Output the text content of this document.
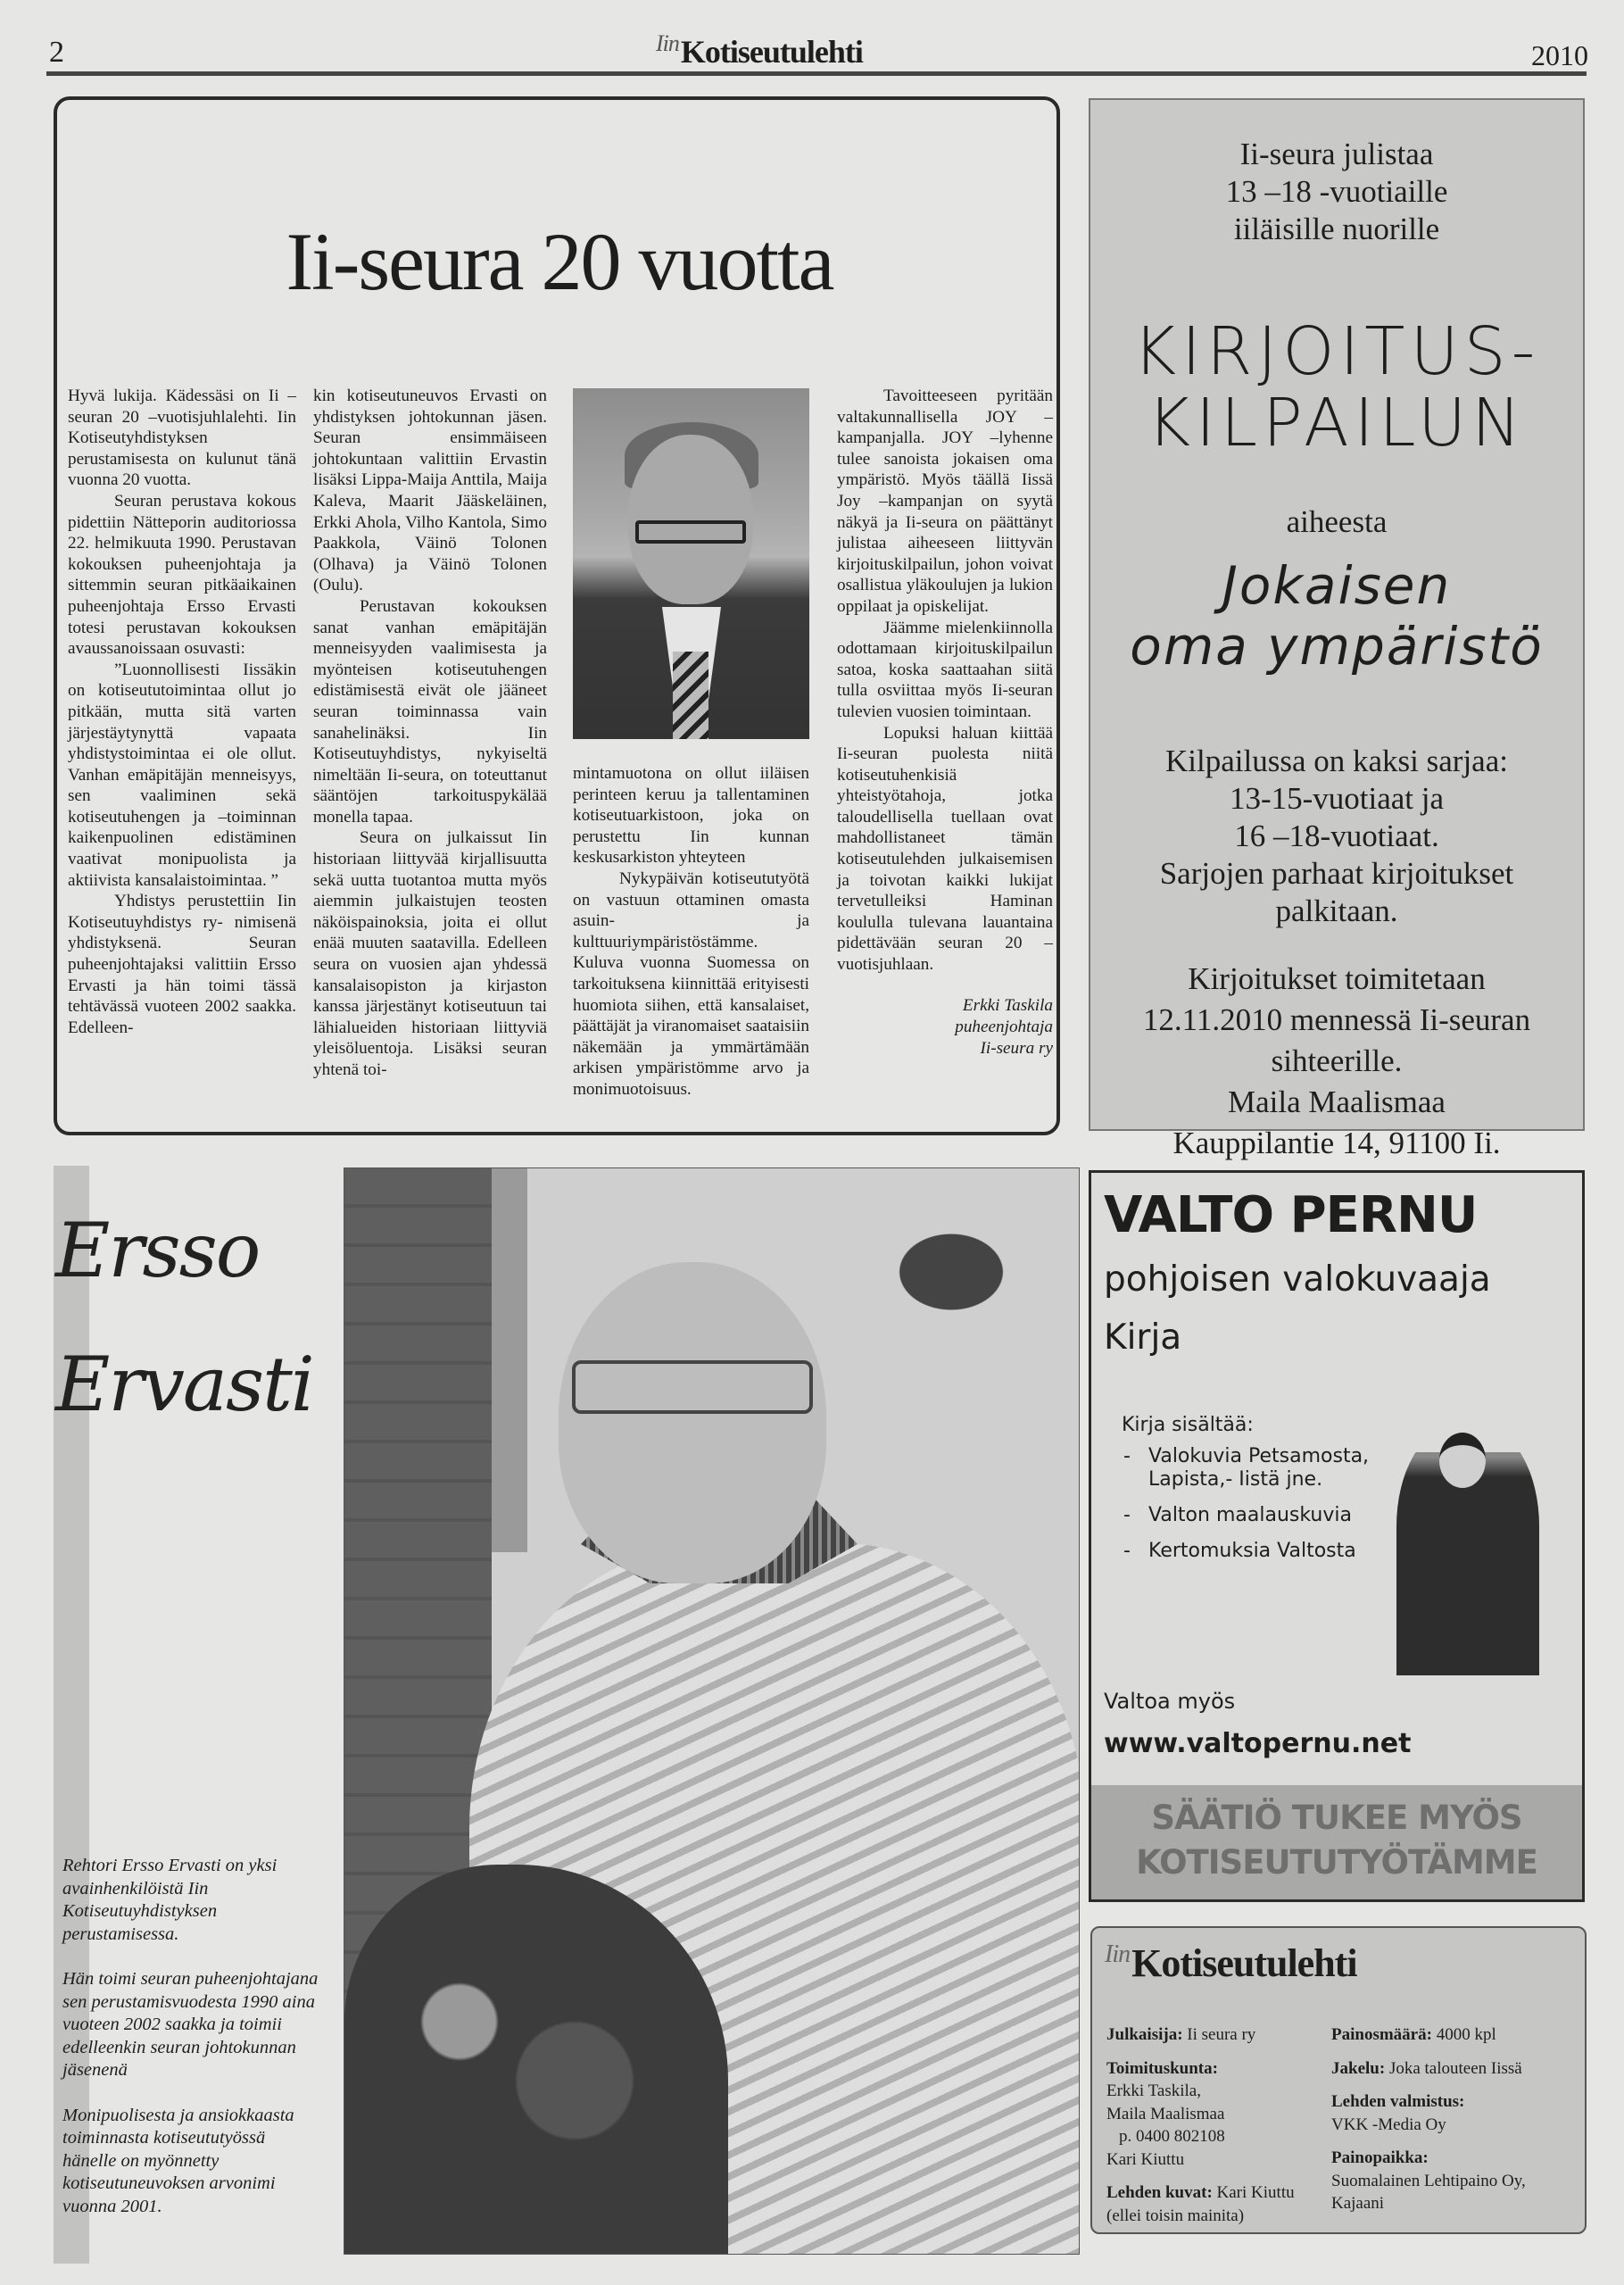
2	$^{Iin}$Kotiseutulehti	2010
Ii-seura 20 vuotta

Hyvä lukija. Kädessäsi on Ii –seuran 20 –vuotisjuhlalehti. Iin Kotiseutyhdistyksen perustamisesta on kulunut tänä vuonna 20 vuotta.

Seuran perustava kokous pidettiin Nätteporin auditoriossa 22. helmikuuta 1990. Perustavan kokouksen puheenjohtaja ja sittemmin seuran pitkäaikainen puheenjohtaja Ersso Ervasti totesi perustavan kokouksen avaussanoissaan osuvasti:

”Luonnollisesti Iissäkin on kotiseututoimintaa ollut jo pitkään, mutta sitä varten järjestäytynyttä vapaata yhdistystoimintaa ei ole ollut. Vanhan emäpitäjän menneisyys, sen vaaliminen sekä kotiseutuhengen ja –toiminnan kaikenpuolinen edistäminen vaativat monipuolista ja aktiivista kansalaistoimintaa. ”

Yhdistys perustettiin Iin Kotiseutuyhdistys ry- nimisenä yhdistyksenä. Seuran puheenjohtajaksi valittiin Ersso Ervasti ja hän toimi tässä tehtävässä vuoteen 2002 saakka. Edelleen-

kin kotiseutuneuvos Ervasti on yhdistyksen johtokunnan jäsen. Seuran ensimmäiseen johtokuntaan valittiin Ervastin lisäksi Lippa-Maija Anttila, Maija Kaleva, Maarit Jääskeläinen, Erkki Ahola, Vilho Kantola, Simo Paakkola, Väinö Tolonen (Olhava) ja Väinö Tolonen (Oulu).

Perustavan kokouksen sanat vanhan emäpitäjän menneisyyden vaalimisesta ja myönteisen kotiseutuhengen edistämisestä eivät ole jääneet seuran toiminnassa vain sanahelinäksi. Iin Kotiseutuyhdistys, nykyiseltä nimeltään Ii-seura, on toteuttanut sääntöjen tarkoituspykälää monella tapaa.

Seura on julkaissut Iin historiaan liittyvää kirjallisuutta sekä uutta tuotantoa mutta myös aiemmin julkaistujen teosten näköispainoksia, joita ei ollut enää muuten saatavilla. Edelleen seura on vuosien ajan yhdessä kansalaisopiston ja kirjaston kanssa järjestänyt kotiseutuun tai lähialueiden historiaan liittyviä yleisöluentoja. Lisäksi seuran yhtenä toi-

mintamuotona on ollut iiläisen perinteen keruu ja tallentaminen kotiseutuarkistoon, joka on perustettu Iin kunnan keskusarkiston yhteyteen

Nykypäivän kotiseututyötä on vastuun ottaminen omasta asuin- ja kulttuuriympäristöstämme. Kuluva vuonna Suomessa on tarkoituksena kiinnittää erityisesti huomiota siihen, että kansalaiset, päättäjät ja viranomaiset saataisiin näkemään ja ymmärtämään arkisen ympäristömme arvo ja monimuotoisuus.

Tavoitteeseen pyritään valtakunnallisella JOY –kampanjalla. JOY –lyhenne tulee sanoista jokaisen oma ympäristö. Myös täällä Iissä Joy –kampanjan on syytä näkyä ja Ii-seura on päättänyt julistaa aiheeseen liittyvän kirjoituskilpailun, johon voivat osallistua yläkoulujen ja lukion oppilaat ja opiskelijat.

Jäämme mielenkiinnolla odottamaan kirjoituskilpailun satoa, koska saattaahan siitä tulla osviittaa myös Ii-seuran tulevien vuosien toimintaan.

Lopuksi haluan kiittää Ii-seuran puolesta niitä kotiseutuhenkisiä yhteistyötahoja, jotka taloudellisella tuellaan ovat mahdollistaneet tämän kotiseutulehden julkaisemisen ja toivotan kaikki lukijat tervetulleiksi Haminan koululla tulevana lauantaina pidettävään seuran 20 –vuotisjuhlaan.

Erkki Taskila
puheenjohtaja
Ii-seura ry
Ii-seura julistaa
13 –18 -vuotiaille
iiläisille nuorille
KIRJOITUS-
KILPAILUN
aiheesta
Jokaisen
oma ympäristö
Kilpailussa on kaksi sarjaa:
13-15-vuotiaat ja
16 –18-vuotiaat.
Sarjojen parhaat kirjoitukset
palkitaan.
Kirjoitukset toimitetaan
12.11.2010 mennessä Ii-seuran sihteerille.
Maila Maalismaa
Kauppilantie 14, 91100 Ii.
Ersso
Ervasti

Rehtori Ersso Ervasti on yksi avainhenkilöistä Iin Kotiseutuyhdistyksen perustamisessa.

Hän toimi seuran puheenjohtajana sen perustamisvuodesta 1990 aina vuoteen 2002 saakka ja toimii edelleenkin seuran johtokunnan jäsenenä

Monipuolisesta ja ansiokkaasta toiminnasta kotiseututyössä hänelle on myönnetty kotiseutuneuvoksen arvonimi vuonna 2001.

VALTO PERNU
pohjoisen valokuvaaja
Kirja
Kirja sisältää:
- Valokuvia Petsamosta, Lapista,- Iistä jne.
- Valton maalauskuvia
- Kertomuksia Valtosta
Valtoa myös
www.valtopernu.net
SÄÄTIÖ TUKEE MYÖS
KOTISEUTUTYÖTÄMME
$^{Iin}$Kotiseutulehti

Julkaisija: Ii seura ry

Toimituskunta:
Erkki Taskila,
Maila Maalismaa
p. 0400 802108
Kari Kiuttu

Lehden kuvat: Kari Kiuttu
(ellei toisin mainita)

Painosmäärä: 4000 kpl

Jakelu: Joka talouteen Iissä

Lehden valmistus:
VKK -Media Oy

Painopaikka:
Suomalainen Lehtipaino Oy, Kajaani
